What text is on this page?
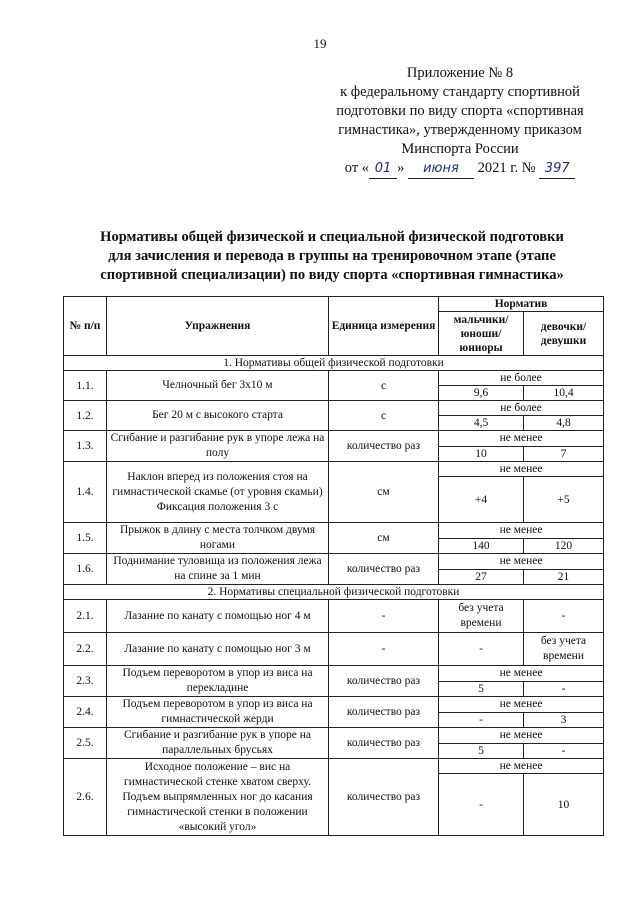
19
Приложение № 8
к федеральному стандарту спортивной
подготовки по виду спорта «спортивная
гимнастика», утвержденному приказом
Минспорта России
от « 01 » июня 2021 г. № 397
Нормативы общей физической и специальной физической подготовки
для зачисления и перевода в группы на тренировочном этапе (этапе
спортивной специализации) по виду спорта «спортивная гимнастика»
№ п/п	Упражнения	Единица измерения	Норматив	
			мальчики/ юноши/ юниоры	девочки/ девушки
1. Нормативы общей физической подготовки				
1.1.	Челночный бег 3х10 м	с	не более	
			9,6	10,4
1.2.	Бег 20 м с высокого старта	с	не более	
			4,5	4,8
1.3.	Сгибание и разгибание рук в упоре лежа на полу	количество раз	не менее	
			10	7
1.4.	Наклон вперед из положения стоя на гимнастической скамье (от уровня скамьи) Фиксация положения 3 с	см	не менее	
			+4	+5
1.5.	Прыжок в длину с места толчком двумя ногами	см	не менее	
			140	120
1.6.	Поднимание туловища из положения лежа на спине за 1 мин	количество раз	не менее	
			27	21
2. Нормативы специальной физической подготовки				
2.1.	Лазание по канату с помощью ног 4 м	-	без учета времени	-
2.2.	Лазание по канату с помощью ног 3 м	-	-	без учета времени
2.3.	Подъем переворотом в упор из виса на перекладине	количество раз	не менее	
			5	-
2.4.	Подъем переворотом в упор из виса на гимнастической жерди	количество раз	не менее	
			-	3
2.5.	Сгибание и разгибание рук в упоре на параллельных брусьях	количество раз	не менее	
			5	-
2.6.	Исходное положение – вис на гимнастической стенке хватом сверху. Подъем выпрямленных ног до касания гимнастической стенки в положении «высокий угол»	количество раз	не менее	
			-	10
